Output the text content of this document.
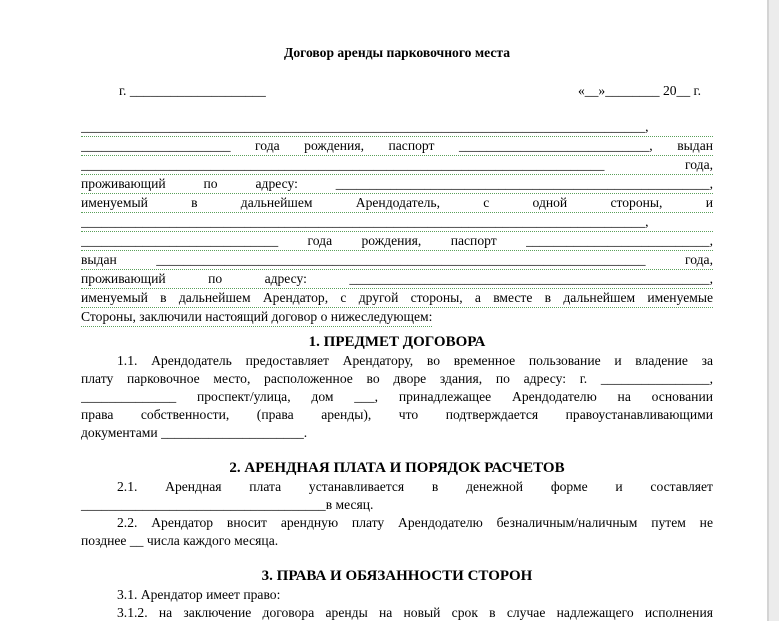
Договор аренды парковочного места
г. ____________________	«__»________ 20__ г.
___________________________________________________________________________________,
______________________ года рождения, паспорт ____________________________, выдан
_____________________________________________________________________________ года,
проживающий по адресу: _______________________________________________________,
именуемый в дальнейшем Арендодатель, с одной стороны, и
___________________________________________________________________________________,
_____________________________ года рождения, паспорт ___________________________,
выдан ________________________________________________________________________ года,
проживающий по адресу: _____________________________________________________,
именуемый в дальнейшем Арендатор, с другой стороны, а вместе в дальнейшем именуемые
Стороны, заключили настоящий договор о нижеследующем:
1. ПРЕДМЕТ ДОГОВОРА
1.1. Арендодатель предоставляет Арендатору, во временное пользование и владение за
плату парковочное место, расположенное во дворе здания, по адресу: г. ________________,
______________ проспект/улица, дом ___, принадлежащее Арендодателю на основании
права собственности, (права аренды), что подтверждается правоустанавливающими
документами _____________________.
2. АРЕНДНАЯ ПЛАТА И ПОРЯДОК РАСЧЕТОВ
2.1. Арендная плата устанавливается в денежной форме и составляет
____________________________________в месяц.
2.2. Арендатор вносит арендную плату Арендодателю безналичным/наличным путем не
позднее __ числа каждого месяца.
3. ПРАВА И ОБЯЗАННОСТИ СТОРОН
3.1. Арендатор имеет право:
3.1.2. на заключение договора аренды на новый срок в случае надлежащего исполнения
